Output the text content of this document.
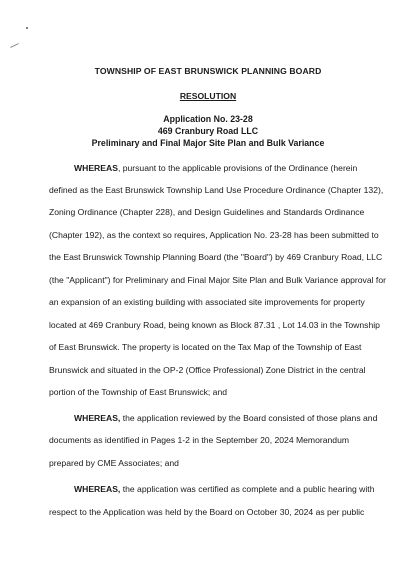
TOWNSHIP OF EAST BRUNSWICK PLANNING BOARD
RESOLUTION
Application No. 23-28
469 Cranbury Road LLC
Preliminary and Final Major Site Plan and Bulk Variance
WHEREAS, pursuant to the applicable provisions of the Ordinance (herein
defined as the East Brunswick Township Land Use Procedure Ordinance (Chapter 132),
Zoning Ordinance (Chapter 228), and Design Guidelines and Standards Ordinance
(Chapter 192), as the context so requires, Application No. 23-28 has been submitted to
the East Brunswick Township Planning Board (the "Board") by 469 Cranbury Road, LLC
(the "Applicant") for Preliminary and Final Major Site Plan and Bulk Variance approval for
an expansion of an existing building with associated site improvements for property
located at 469 Cranbury Road, being known as Block 87.31 , Lot 14.03 in the Township
of East Brunswick. The property is located on the Tax Map of the Township of East
Brunswick and situated in the OP-2 (Office Professional) Zone District in the central
portion of the Township of East Brunswick; and
WHEREAS, the application reviewed by the Board consisted of those plans and
documents as identified in Pages 1-2 in the September 20, 2024 Memorandum
prepared by CME Associates; and
WHEREAS, the application was certified as complete and a public hearing with
respect to the Application was held by the Board on October 30, 2024 as per public
